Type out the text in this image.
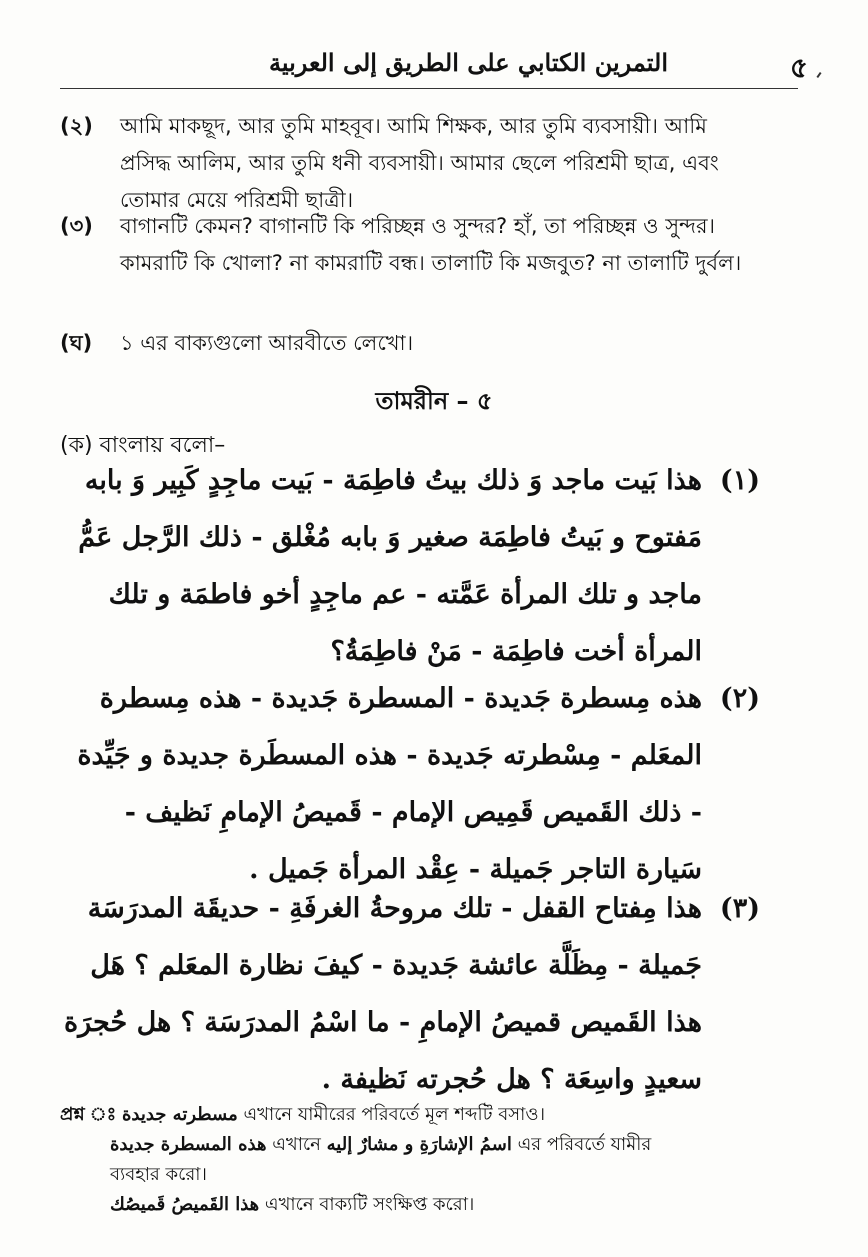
التمرين الكتابي على الطريق إلى العربية	৫
(২) আমি মাকছূদ, আর তুমি মাহবূব। আমি শিক্ষক, আর তুমি ব্যবসায়ী। আমি প্রসিদ্ধ আলিম, আর তুমি ধনী ব্যবসায়ী। আমার ছেলে পরিশ্রমী ছাত্র, এবং তোমার মেয়ে পরিশ্রমী ছাত্রী।
(৩) বাগানটি কেমন? বাগানটি কি পরিচ্ছন্ন ও সুন্দর? হাঁ, তা পরিচ্ছন্ন ও সুন্দর। কামরাটি কি খোলা? না কামরাটি বন্ধ। তালাটি কি মজবুত? না তালাটি দুর্বল।
(ঘ) ১ এর বাক্যগুলো আরবীতে লেখো।
তামরীন – ৫
(ক) বাংলায় বলো–
(١)
هذا بَيت ماجد وَ ذلك بيتُ فاطِمَة - بَيت ماجِدٍ كَبِير وَ بابه مَفتوح و بَيتُ فاطِمَة صغير وَ بابه مُغْلق - ذلك الرَّجل عَمُّ ماجد و تلك المرأة عَمَّته - عم ماجِدٍ أخو فاطمَة و تلك المرأة أخت فاطِمَة - مَنْ فاطِمَةُ؟
(٢)
هذه مِسطرة جَديدة - المسطرة جَديدة - هذه مِسطرة المعَلم - مِسْطرته جَديدة - هذه المسطَرة جديدة و جَيِّدة - ذلك القَميص قَمِيص الإمام - قَميصُ الإمامِ نَظيف - سَيارة التاجر جَميلة - عِقْد المرأة جَميل .
(٣)
هذا مِفتاح القفل - تلك مروحةُ الغرفَةِ - حديقَة المدرَسَة جَميلة - مِظَلَّة عائشة جَديدة - كيفَ نظارة المعَلم ؟ هَل هذا القَميص قميصُ الإمامِ - ما اسْمُ المدرَسَة ؟ هل حُجرَة سعيدٍ واسِعَة ؟ هل حُجرته نَظيفة .
প্রশ্ন ঃ مسطرته جديدة এখানে যামীরের পরিবর্তে মূল শব্দটি বসাও।
هذه المسطرة جديدة এখানে اسمُ الإشارَةِ و مشارٌ إليه এর পরিবর্তে যামীর
ব্যবহার করো।
هذا القَميصُ قَميصُك এখানে বাক্যটি সংক্ষিপ্ত করো।
